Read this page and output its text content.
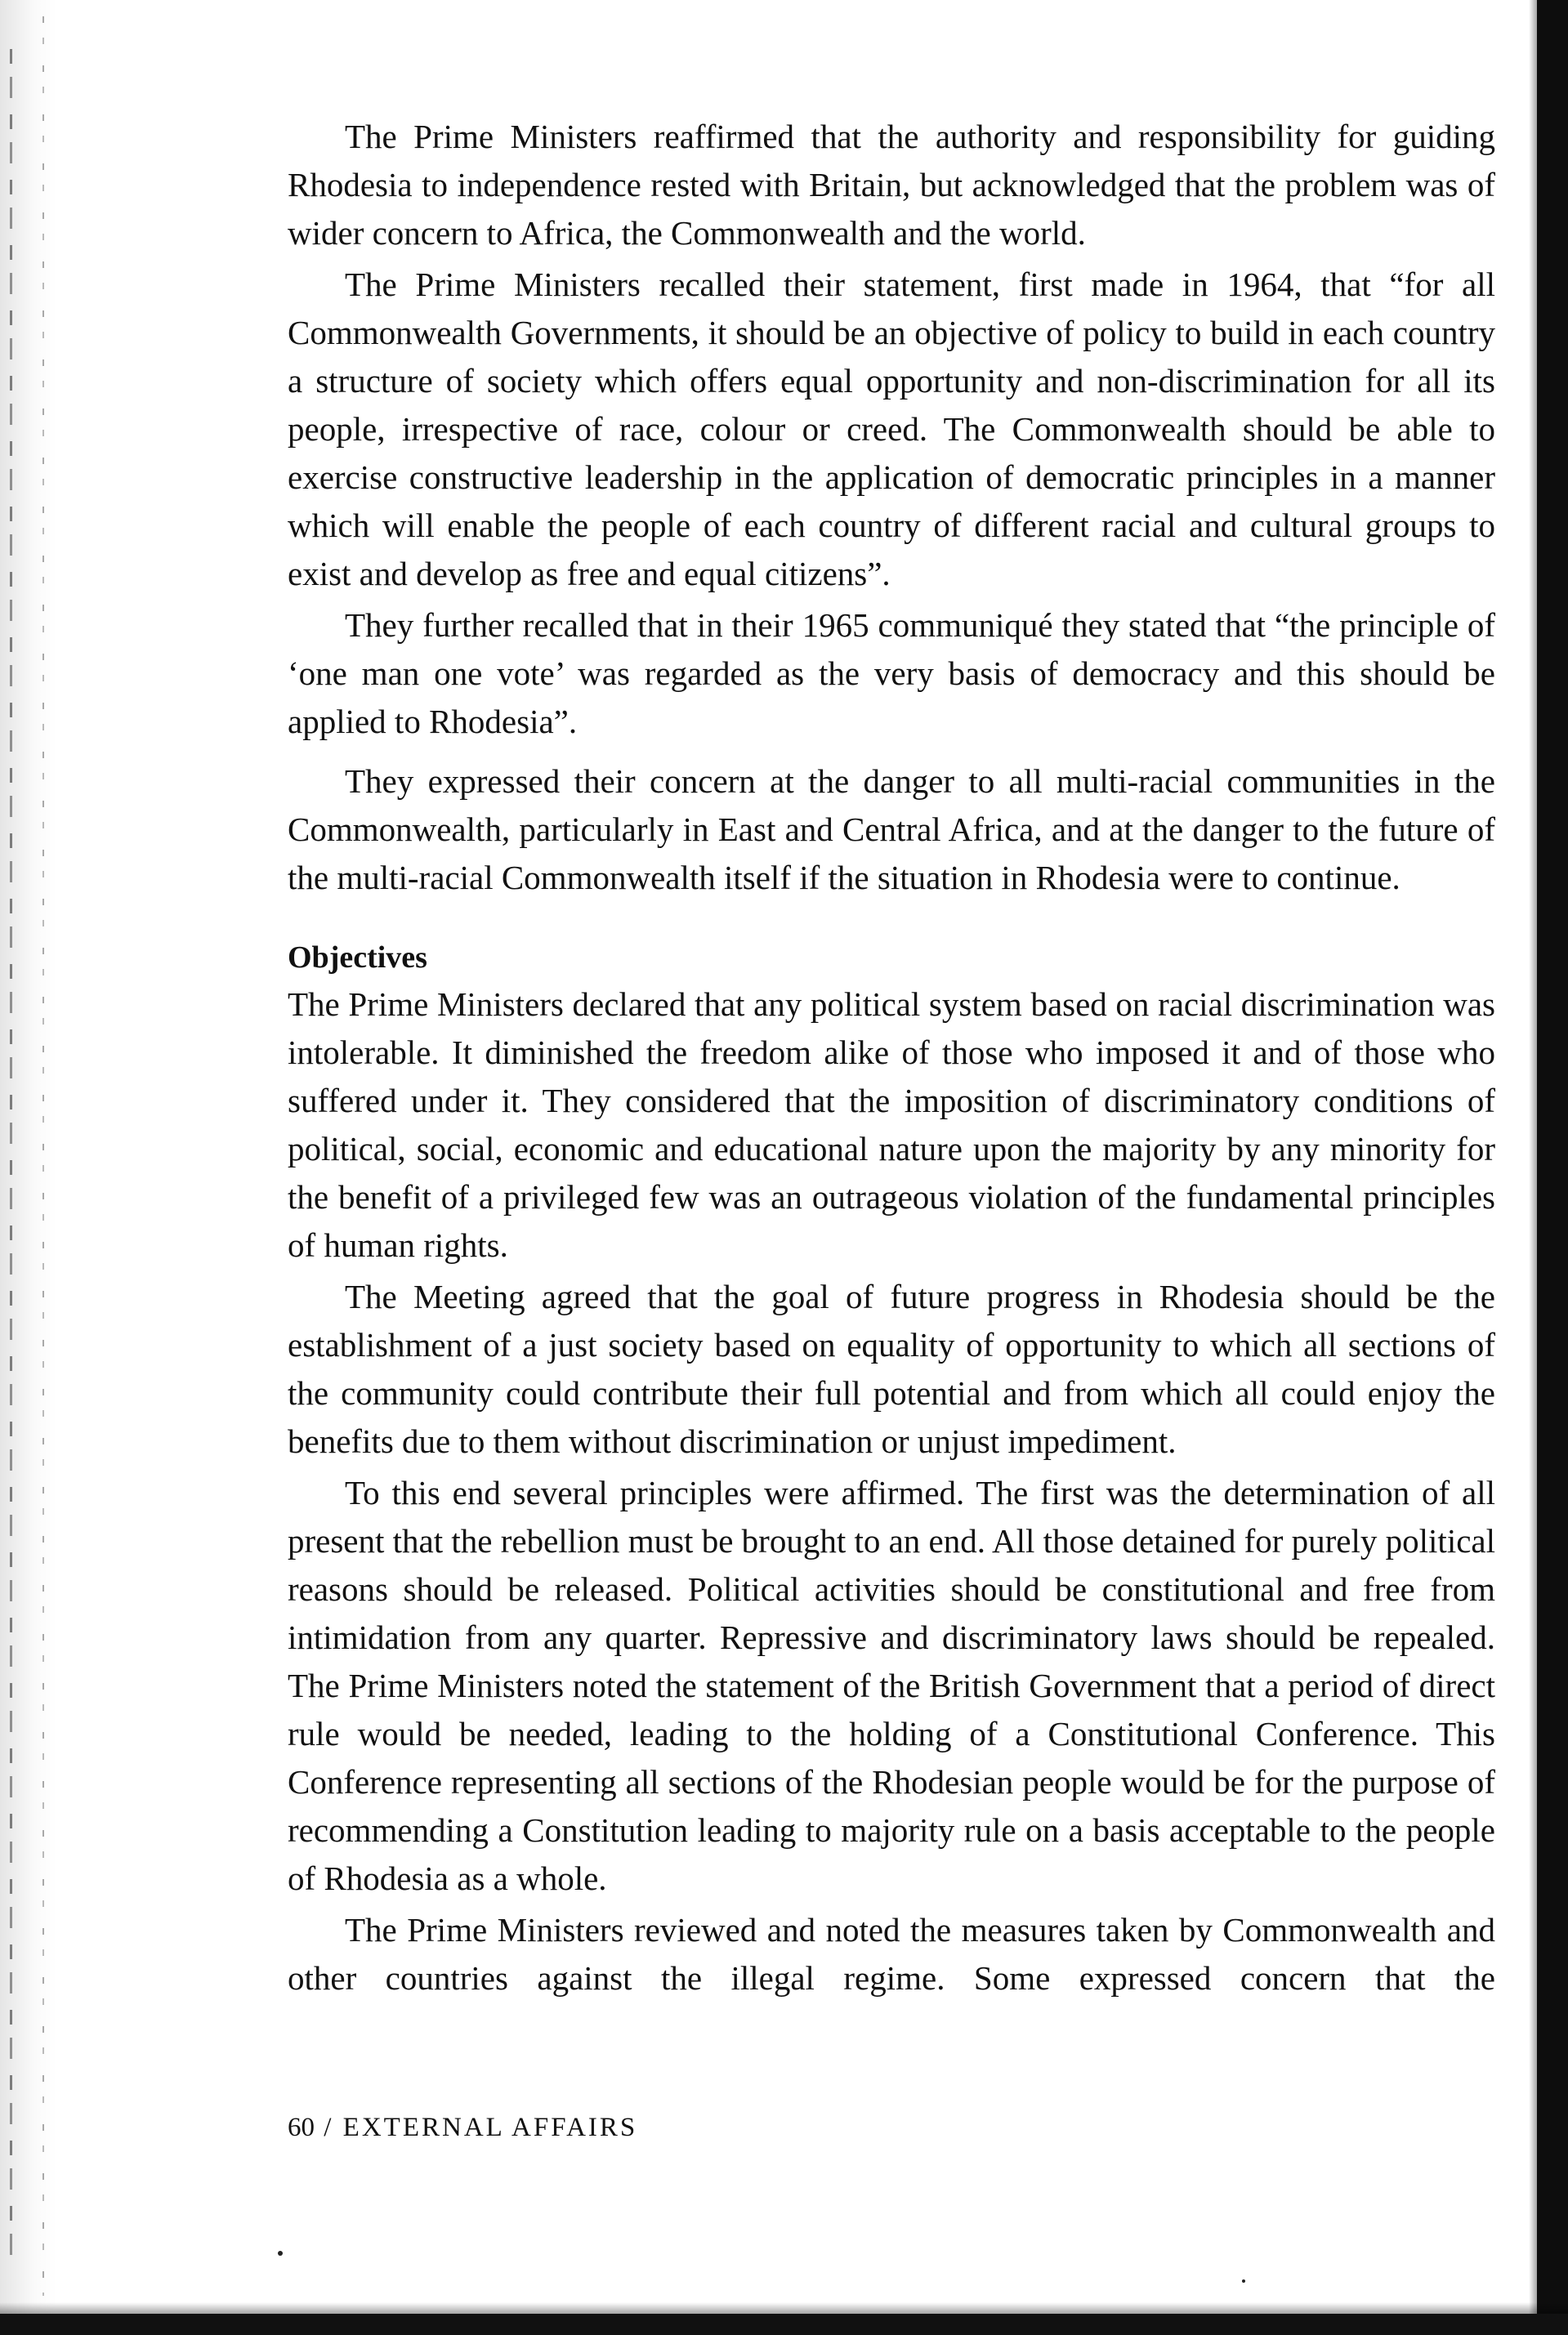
The Prime Ministers reaffirmed that the authority and responsibility for guiding Rhodesia to independence rested with Britain, but acknowledged that the problem was of wider concern to Africa, the Commonwealth and the world.

The Prime Ministers recalled their statement, first made in 1964, that “for all Commonwealth Governments, it should be an objective of policy to build in each country a structure of society which offers equal opportunity and non-discrimination for all its people, irrespective of race, colour or creed. The Commonwealth should be able to exercise constructive leadership in the application of democratic principles in a manner which will enable the people of each country of different racial and cultural groups to exist and develop as free and equal citizens”.

They further recalled that in their 1965 communiqué they stated that “the principle of ‘one man one vote’ was regarded as the very basis of democracy and this should be applied to Rhodesia”.

They expressed their concern at the danger to all multi-racial communities in the Commonwealth, particularly in East and Central Africa, and at the danger to the future of the multi-racial Commonwealth itself if the situation in Rhodesia were to continue.

Objectives

The Prime Ministers declared that any political system based on racial discrimination was intolerable. It diminished the freedom alike of those who imposed it and of those who suffered under it. They considered that the imposition of discriminatory conditions of political, social, economic and educational nature upon the majority by any minority for the benefit of a privileged few was an outrageous violation of the fundamental principles of human rights.

The Meeting agreed that the goal of future progress in Rhodesia should be the establishment of a just society based on equality of opportunity to which all sections of the community could contribute their full potential and from which all could enjoy the benefits due to them without discrimination or unjust impediment.

To this end several principles were affirmed. The first was the determination of all present that the rebellion must be brought to an end. All those detained for purely political reasons should be released. Political activities should be constitutional and free from intimidation from any quarter. Repressive and discriminatory laws should be repealed. The Prime Ministers noted the statement of the British Government that a period of direct rule would be needed, leading to the holding of a Constitutional Conference. This Conference representing all sections of the Rhodesian people would be for the purpose of recommending a Constitution leading to majority rule on a basis acceptable to the people of Rhodesia as a whole.

The Prime Ministers reviewed and noted the measures taken by Commonwealth and other countries against the illegal regime. Some expressed concern that the

60 / EXTERNAL AFFAIRS
